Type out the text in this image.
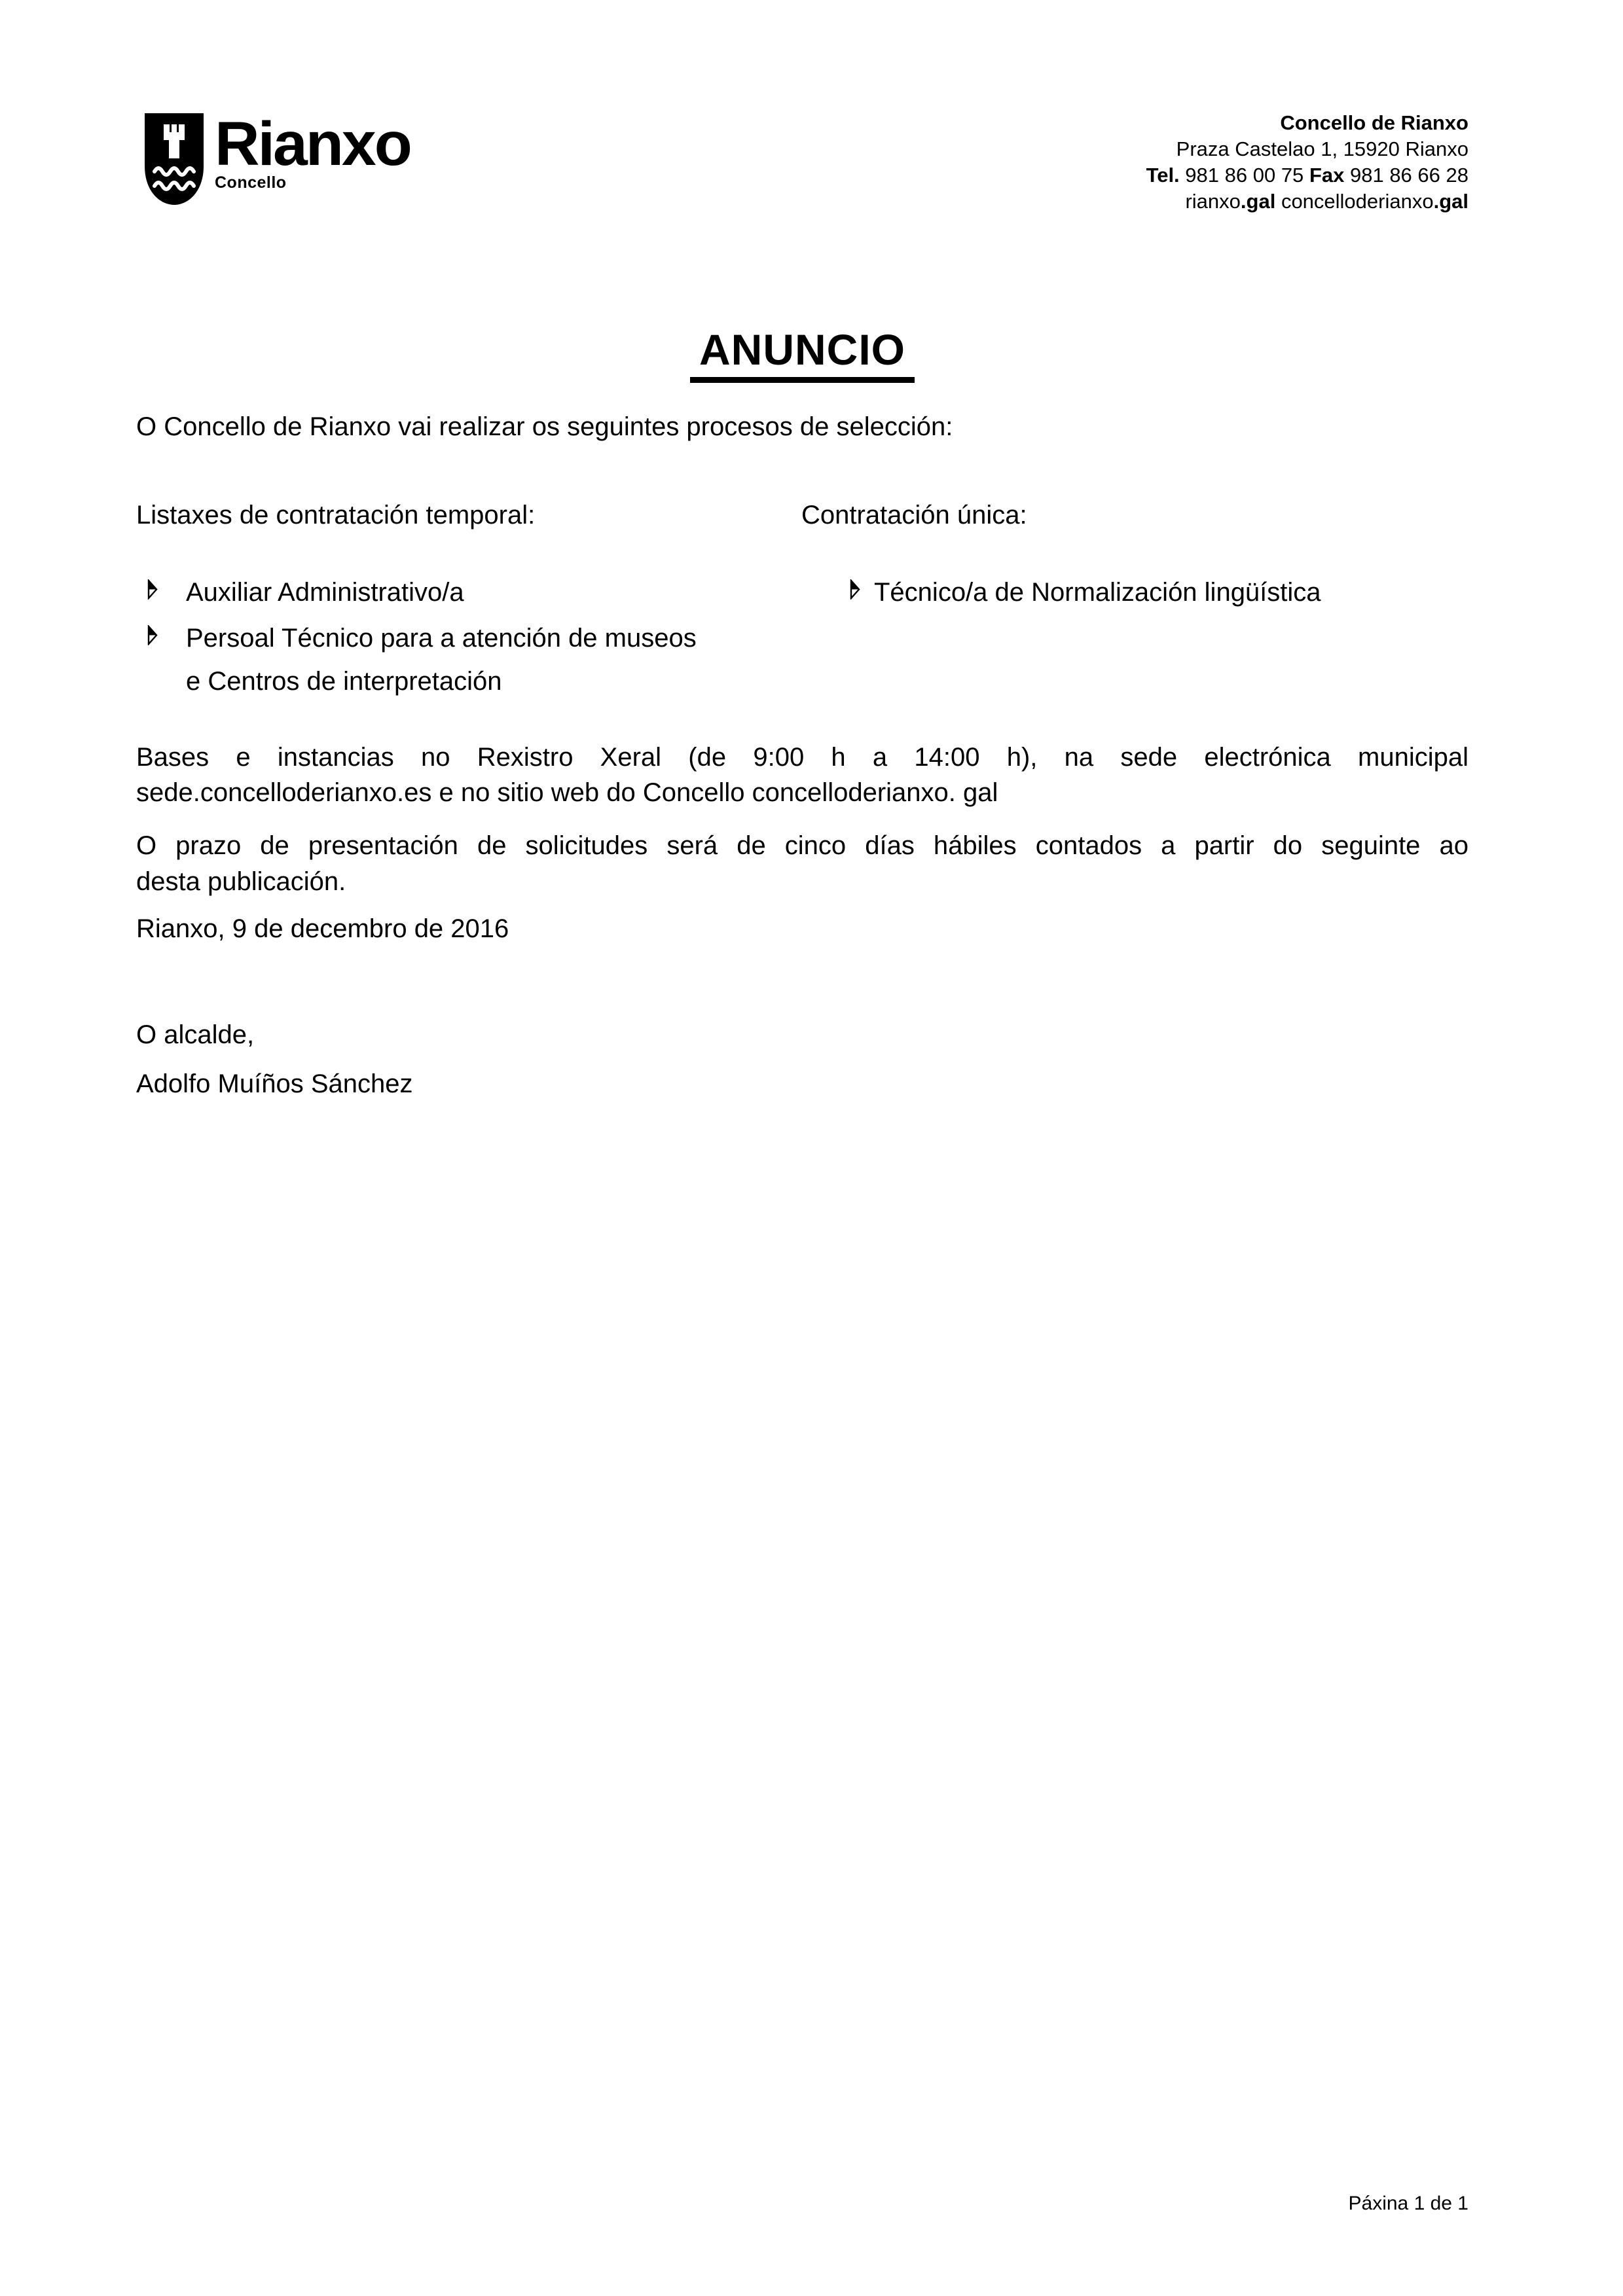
Rianxo
Concello
Concello de Rianxo
Praza Castelao 1, 15920 Rianxo
Tel. 981 86 00 75 Fax 981 86 66 28
rianxo.gal concelloderianxo.gal
ANUNCIO
O Concello de Rianxo vai realizar os seguintes procesos de selección:
Listaxes de contratación temporal:	Contratación única:
Auxiliar Administrativo/a
Persoal Técnico para a atención de museos
e Centros de interpretación
Técnico/a de Normalización lingüística
Bases e instancias no Rexistro Xeral (de 9:00 h a 14:00 h), na sede electrónica municipal
sede.concelloderianxo.es e no sitio web do Concello concelloderianxo. gal
O prazo de presentación de solicitudes será de cinco días hábiles contados a partir do seguinte ao
desta publicación.
Rianxo, 9 de decembro de 2016
O alcalde,
Adolfo Muíños Sánchez
Páxina 1 de 1
